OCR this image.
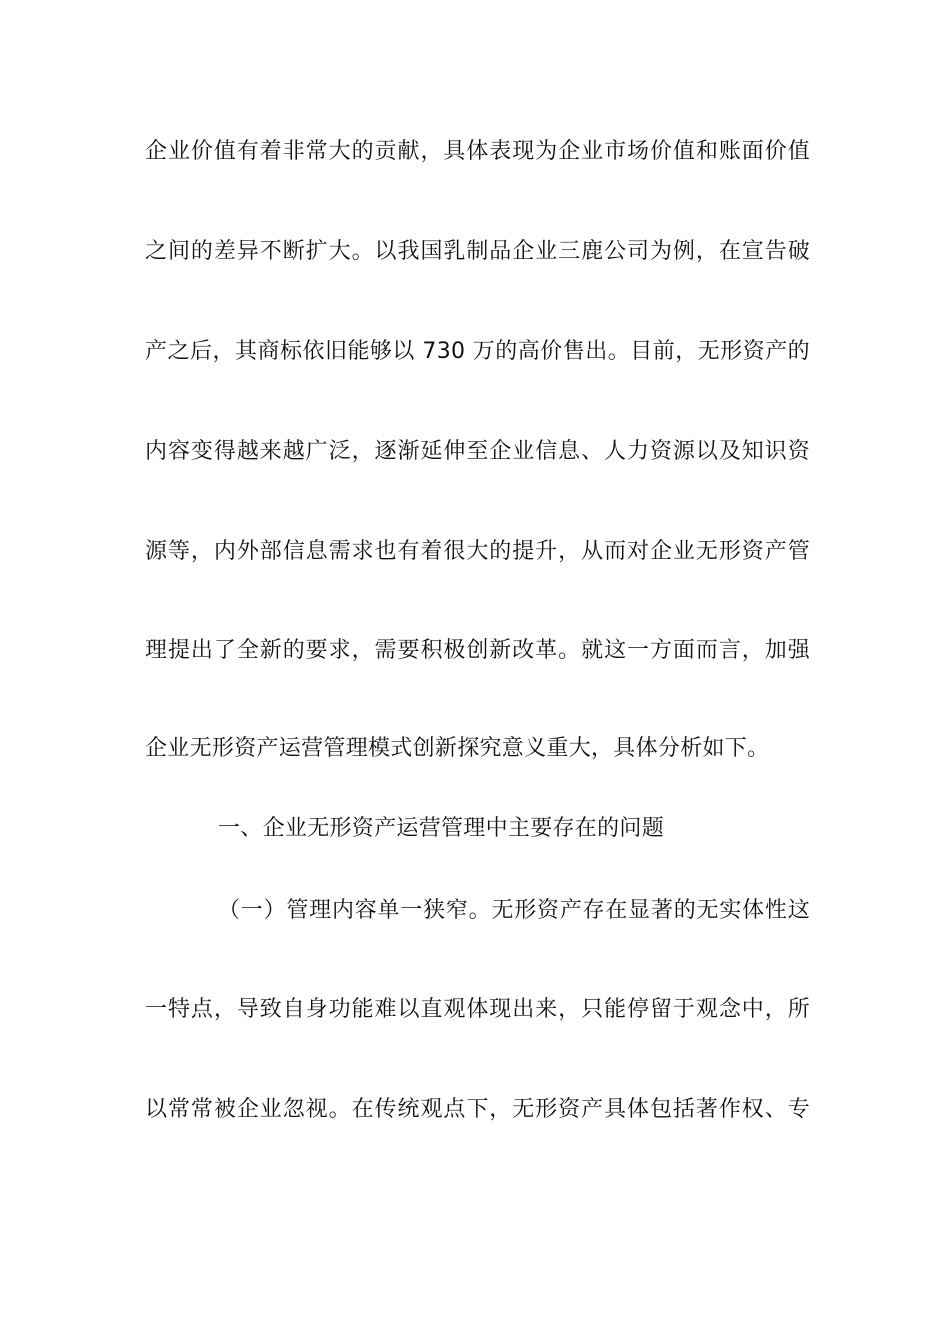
企业价值有着非常大的贡献，具体表现为企业市场价值和账面价值
之间的差异不断扩大。以我国乳制品企业三鹿公司为例，在宣告破
产之后，其商标依旧能够以 730 万的高价售出。目前，无形资产的
内容变得越来越广泛，逐渐延伸至企业信息、人力资源以及知识资
源等，内外部信息需求也有着很大的提升，从而对企业无形资产管
理提出了全新的要求，需要积极创新改革。就这一方面而言，加强
企业无形资产运营管理模式创新探究意义重大，具体分析如下。
一、企业无形资产运营管理中主要存在的问题
（一）管理内容单一狭窄。无形资产存在显著的无实体性这
一特点，导致自身功能难以直观体现出来，只能停留于观念中，所
以常常被企业忽视。在传统观点下，无形资产具体包括著作权、专
